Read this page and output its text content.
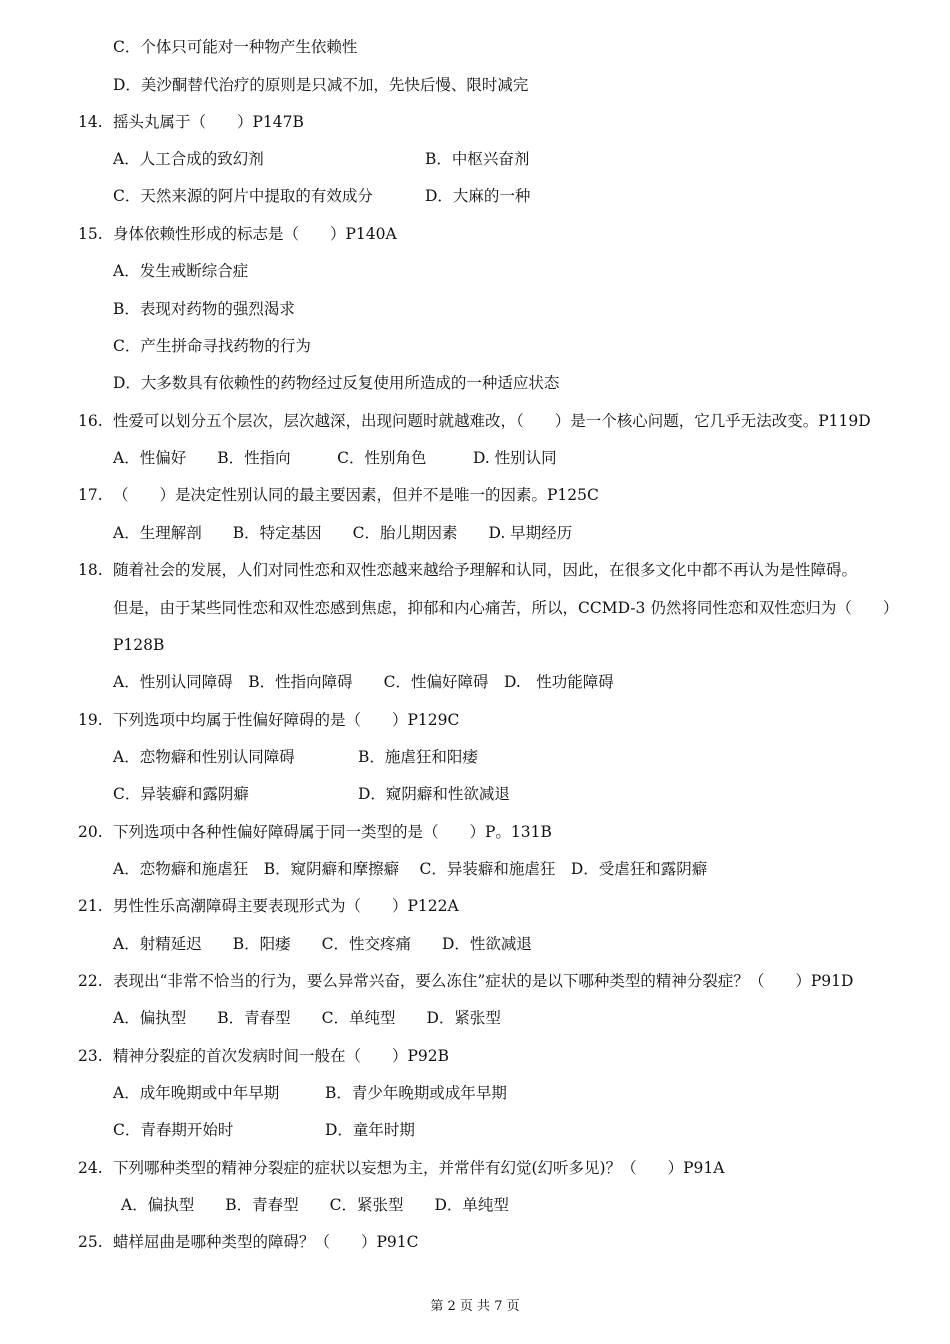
C．个体只可能对一种物产生依赖性
D．美沙酮替代治疗的原则是只减不加，先快后慢、限时减完
14. 摇头丸属于（　　）P147B
A．人工合成的致幻剂	B．中枢兴奋剂
C．天然来源的阿片中提取的有效成分	D．大麻的一种
15. 身体依赖性形成的标志是（　　）P140A
A．发生戒断综合症
B．表现对药物的强烈渴求
C．产生拼命寻找药物的行为
D．大多数具有依赖性的药物经过反复使用所造成的一种适应状态
16. 性爱可以划分五个层次，层次越深，出现问题时就越难改，（　　）是一个核心问题，它几乎无法改变。P119D
A．性偏好　　B．性指向　　　C．性别角色　　　D. 性别认同
17. （　　）是决定性别认同的最主要因素，但并不是唯一的因素。P125C
A．生理解剖　　B．特定基因　　C．胎儿期因素　　D. 早期经历
18. 随着社会的发展，人们对同性恋和双性恋越来越给予理解和认同，因此，在很多文化中都不再认为是性障碍。
但是，由于某些同性恋和双性恋感到焦虑，抑郁和内心痛苦，所以，CCMD-3 仍然将同性恋和双性恋归为（　　）
P128B
A．性别认同障碍　B．性指向障碍　　C．性偏好障碍　D.　性功能障碍
19. 下列选项中均属于性偏好障碍的是（　　）P129C
A．恋物癖和性别认同障碍	B．施虐狂和阳痿
C．异装癖和露阴癖	D．窥阴癖和性欲减退
20. 下列选项中各种性偏好障碍属于同一类型的是（　　）P。131B
A．恋物癖和施虐狂　B．窥阴癖和摩擦癖　 C．异装癖和施虐狂　D．受虐狂和露阴癖
21. 男性性乐高潮障碍主要表现形式为（　　）P122A
A．射精延迟　　B．阳痿　　C．性交疼痛　　D．性欲减退
22. 表现出“非常不恰当的行为，要么异常兴奋，要么冻住”症状的是以下哪种类型的精神分裂症？（　　）P91D
A．偏执型　　B．青春型　　C．单纯型　　D．紧张型
23. 精神分裂症的首次发病时间一般在（　　）P92B
A．成年晚期或中年早期	B．青少年晚期或成年早期
C．青春期开始时	D．童年时期
24. 下列哪种类型的精神分裂症的症状以妄想为主，并常伴有幻觉(幻听多见)？（　　）P91A
A．偏执型　　B．青春型　　C．紧张型　　D．单纯型
25. 蜡样屈曲是哪种类型的障碍？（　　）P91C
第 2 页 共 7 页
